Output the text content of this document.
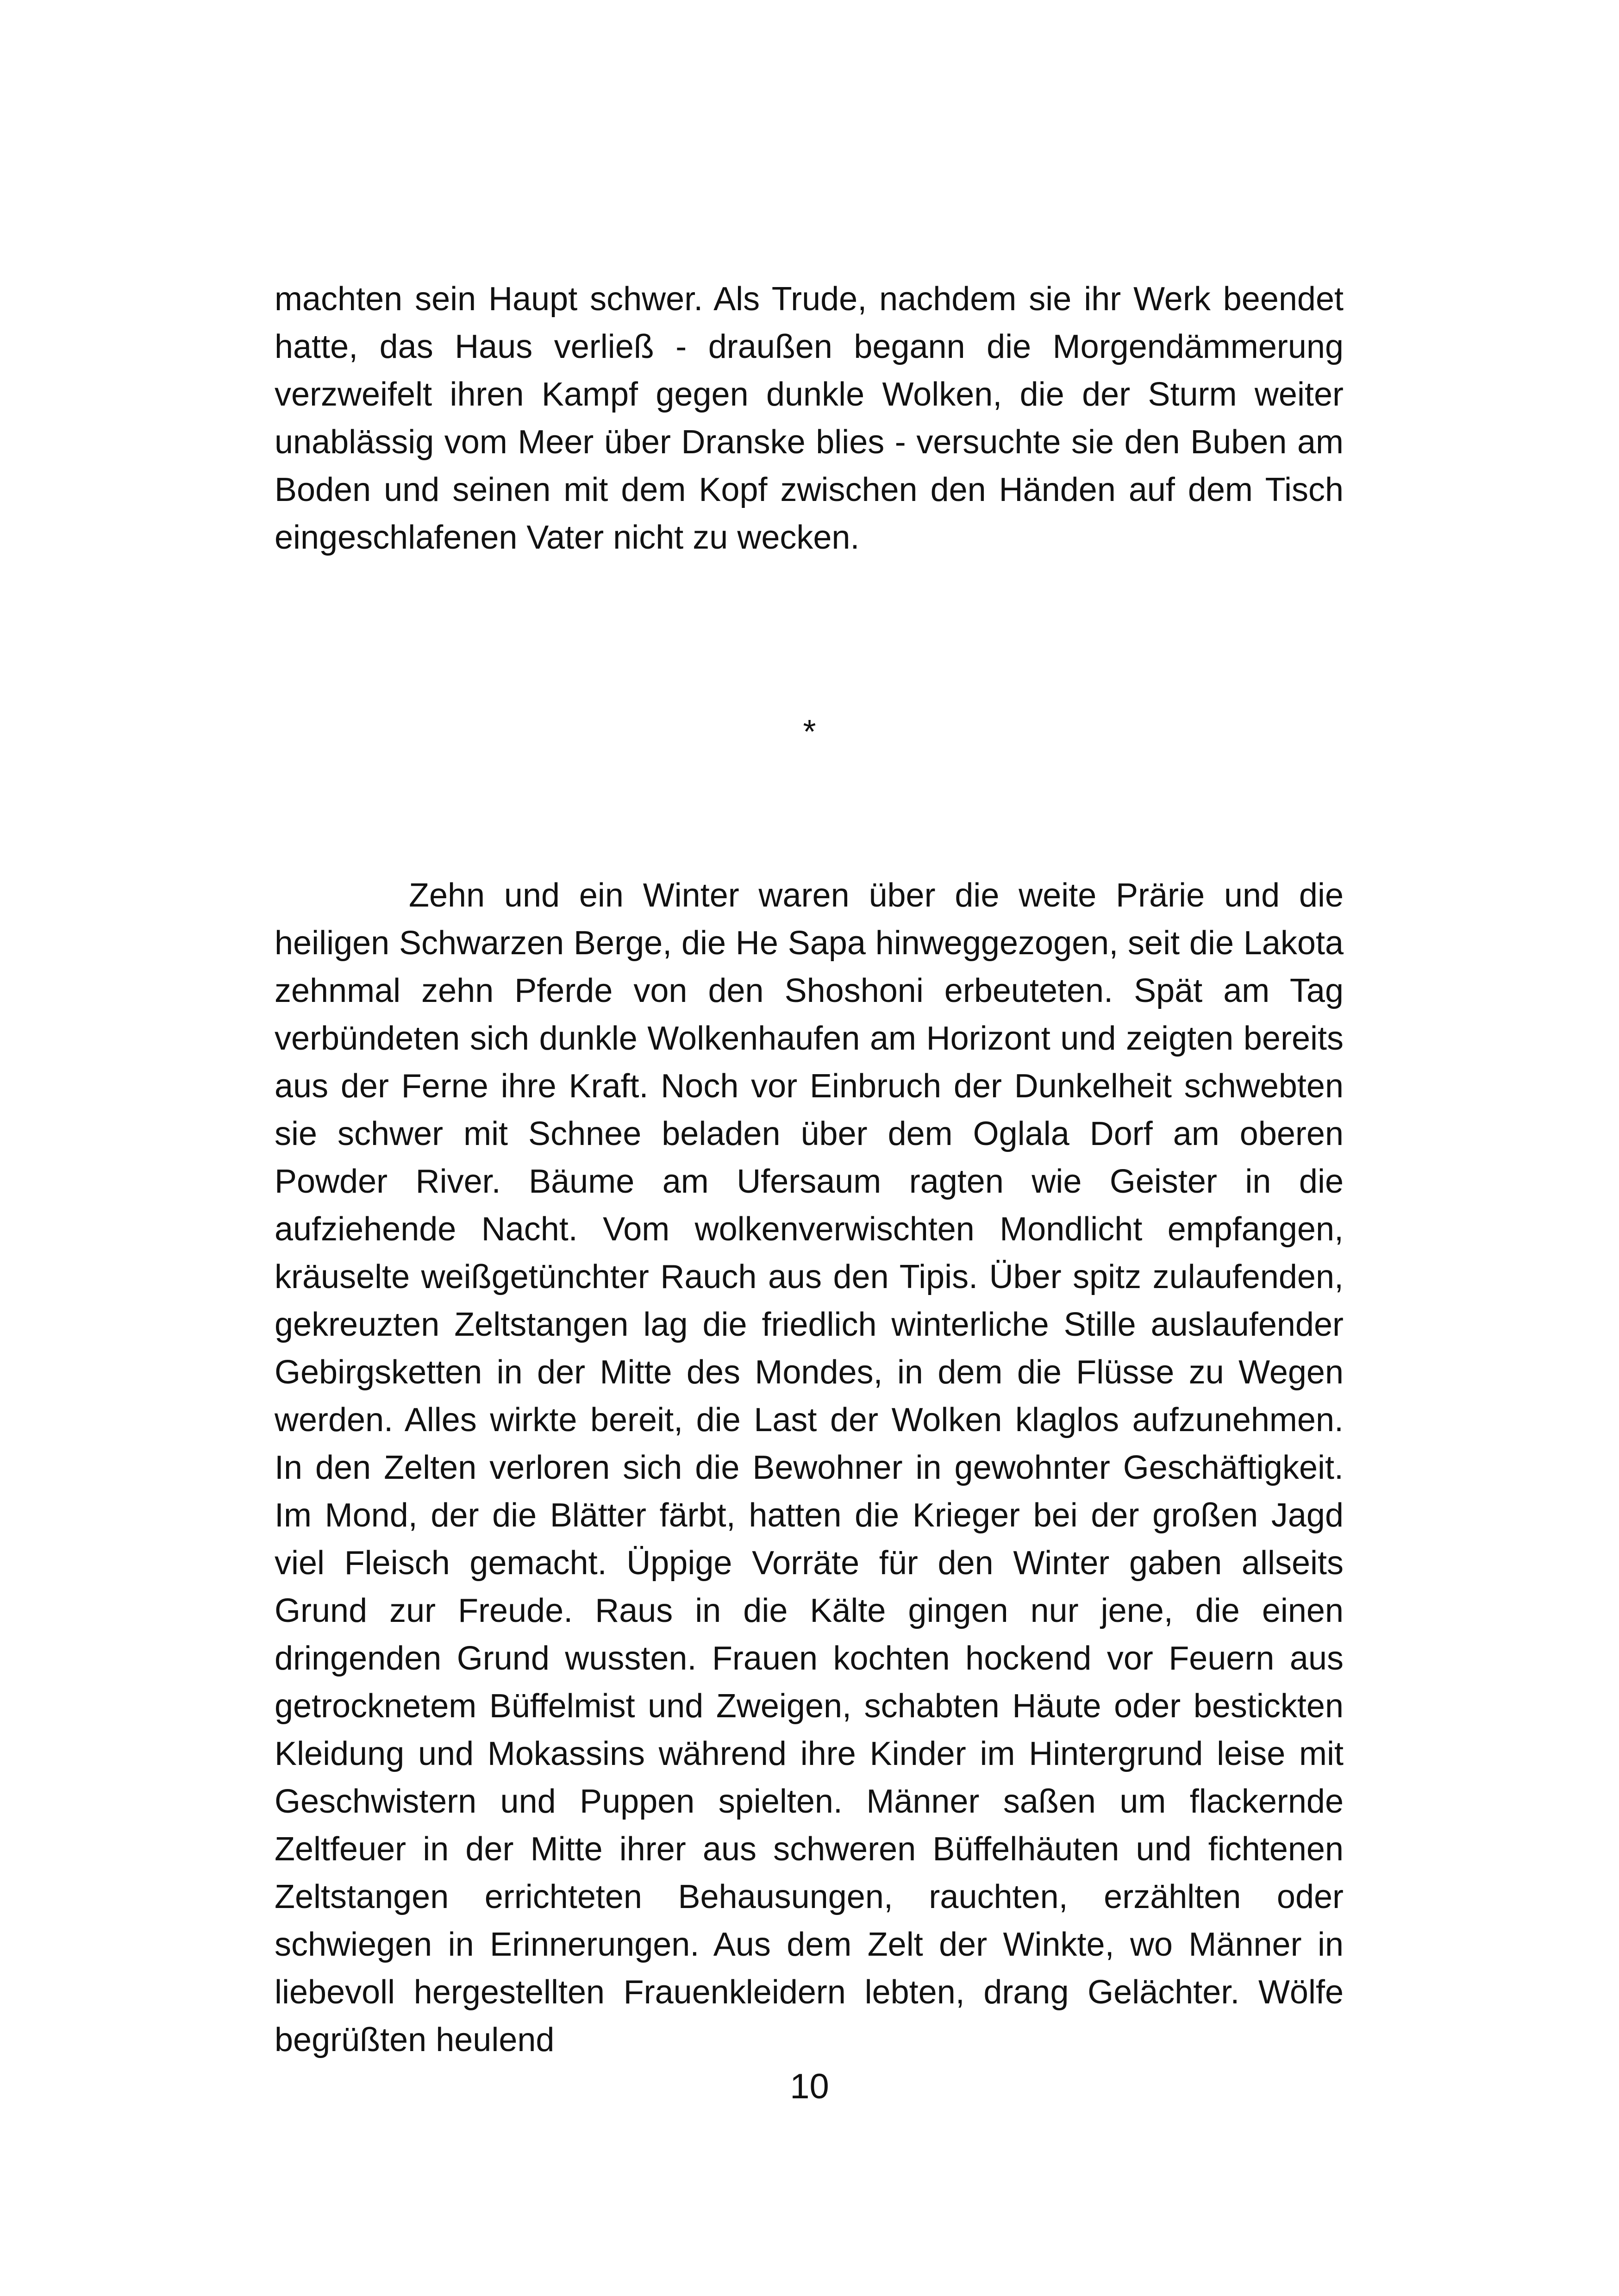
machten sein Haupt schwer. Als Trude, nachdem sie ihr Werk beendet hatte, das Haus verließ - draußen begann die Morgendämmerung verzweifelt ihren Kampf gegen dunkle Wolken, die der Sturm weiter unablässig vom Meer über Dranske blies - versuchte sie den Buben am Boden und seinen mit dem Kopf zwischen den Händen auf dem Tisch eingeschlafenen Vater nicht zu wecken.

*

Zehn und ein Winter waren über die weite Prärie und die heiligen Schwarzen Berge, die He Sapa hinweggezogen, seit die Lakota zehnmal zehn Pferde von den Shoshoni erbeuteten. Spät am Tag verbündeten sich dunkle Wolkenhaufen am Horizont und zeigten bereits aus der Ferne ihre Kraft. Noch vor Einbruch der Dunkelheit schwebten sie schwer mit Schnee beladen über dem Oglala Dorf am oberen Powder River. Bäume am Ufersaum ragten wie Geister in die aufziehende Nacht. Vom wolkenverwischten Mondlicht empfangen, kräuselte weißgetünchter Rauch aus den Tipis. Über spitz zulaufenden, gekreuzten Zeltstangen lag die friedlich winterliche Stille auslaufender Gebirgsketten in der Mitte des Mondes, in dem die Flüsse zu Wegen werden. Alles wirkte bereit, die Last der Wolken klaglos aufzunehmen. In den Zelten verloren sich die Bewohner in gewohnter Geschäftigkeit. Im Mond, der die Blätter färbt, hatten die Krieger bei der großen Jagd viel Fleisch gemacht. Üppige Vorräte für den Winter gaben allseits Grund zur Freude. Raus in die Kälte gingen nur jene, die einen dringenden Grund wussten. Frauen kochten hockend vor Feuern aus getrocknetem Büffelmist und Zweigen, schabten Häute oder bestickten Kleidung und Mokassins während ihre Kinder im Hintergrund leise mit Geschwistern und Puppen spielten. Männer saßen um flackernde Zeltfeuer in der Mitte ihrer aus schweren Büffelhäuten und fichtenen Zeltstangen errichteten Behausungen, rauchten, erzählten oder schwiegen in Erinnerungen. Aus dem Zelt der Winkte, wo Männer in liebevoll hergestellten Frauenkleidern lebten, drang Gelächter. Wölfe begrüßten heulend

10
